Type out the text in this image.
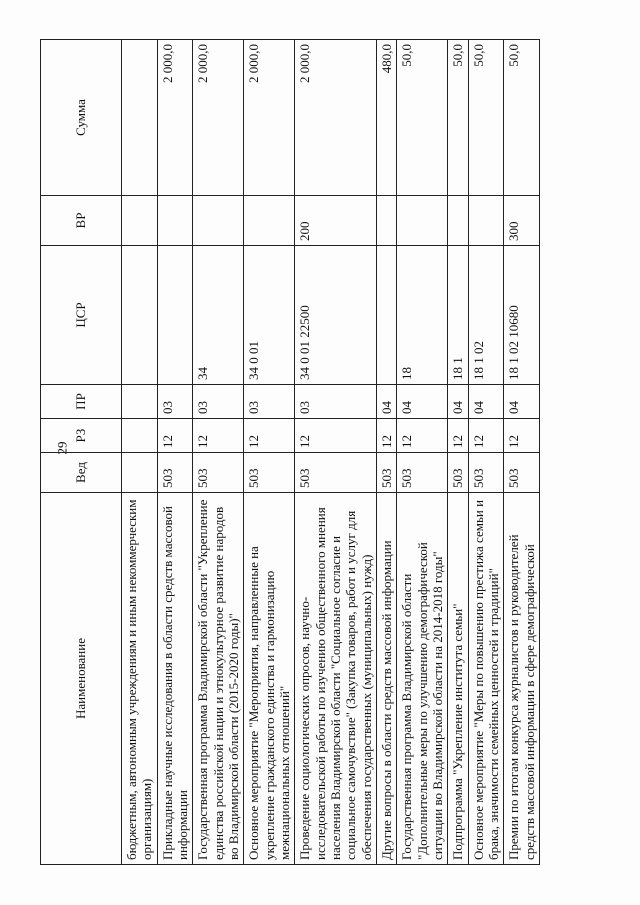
29
Наименование	Вед	РЗ	ПР	ЦСР	ВР	Сумма
бюджетным, автономным учреждениям и иным некоммерческим организациям)						
Прикладные научные исследования в области средств массовой информации	503	12	03			2 000,0
Государственная программа Владимирской области "Укрепление единства российской нации и этнокультурное развитие народов во Владимирской области (2015-2020 годы)"	503	12	03	34		2 000,0
Основное мероприятие "Мероприятия, направленные на укрепление гражданского единства и гармонизацию межнациональных отношений"	503	12	03	34 0 01		2 000,0
Проведение социологических опросов, научно-исследовательской работы по изучению общественного мнения населения Владимирской области "Социальное согласие и социальное самочувствие" (Закупка товаров, работ и услуг для обеспечения государственных (муниципальных) нужд)	503	12	03	34 0 01 22500	200	2 000,0
Другие вопросы в области средств массовой информации	503	12	04			480,0
Государственная программа Владимирской области "Дополнительные меры по улучшению демографической ситуации во Владимирской области на 2014-2018 годы"	503	12	04	18		50,0
Подпрограмма "Укрепление института семьи"	503	12	04	18 1		50,0
Основное мероприятие "Меры по повышению престижа семьи и брака, значимости семейных ценностей и традиций"	503	12	04	18 1 02		50,0
Премии по итогам конкурса журналистов и руководителей средств массовой информации в сфере демографической	503	12	04	18 1 02 10680	300	50,0
